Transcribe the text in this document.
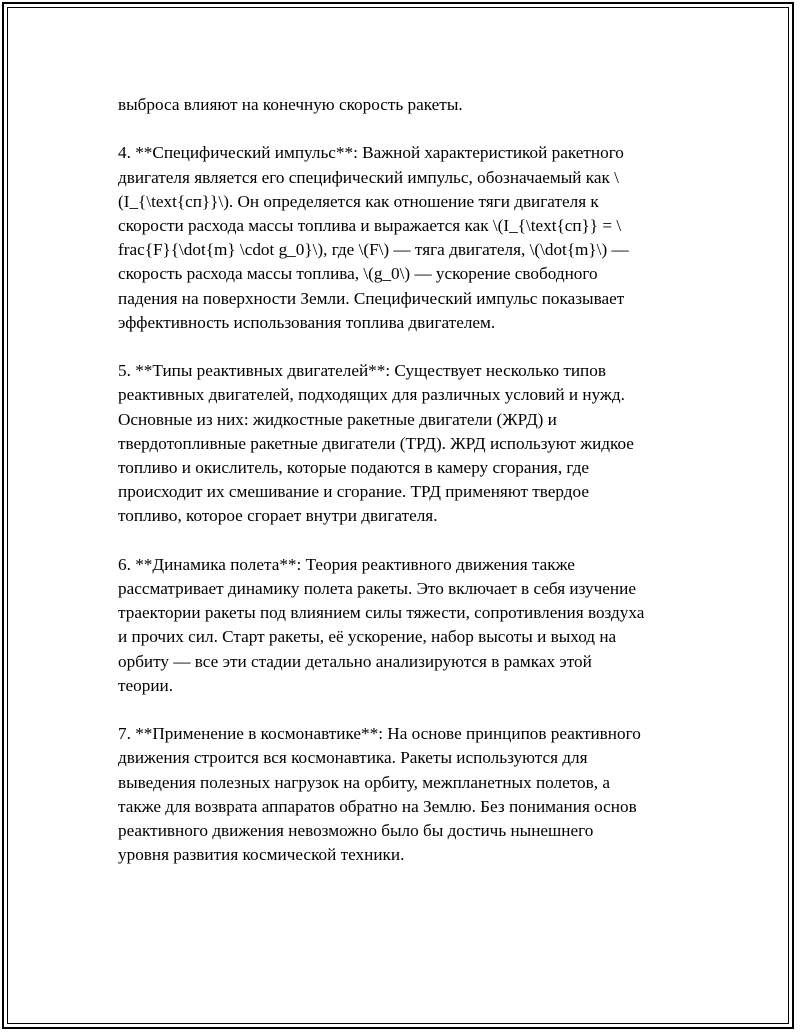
выброса влияют на конечную скорость ракеты.

4. **Специфический импульс**: Важной характеристикой ракетного
двигателя является его специфический импульс, обозначаемый как \
(I_{\text{сп}}\). Он определяется как отношение тяги двигателя к
скорости расхода массы топлива и выражается как \(I_{\text{сп}} = \
frac{F}{\dot{m} \cdot g_0}\), где \(F\) — тяга двигателя, \(\dot{m}\) —
скорость расхода массы топлива, \(g_0\) — ускорение свободного
падения на поверхности Земли. Специфический импульс показывает
эффективность использования топлива двигателем.

5. **Типы реактивных двигателей**: Существует несколько типов
реактивных двигателей, подходящих для различных условий и нужд.
Основные из них: жидкостные ракетные двигатели (ЖРД) и
твердотопливные ракетные двигатели (ТРД). ЖРД используют жидкое
топливо и окислитель, которые подаются в камеру сгорания, где
происходит их смешивание и сгорание. ТРД применяют твердое
топливо, которое сгорает внутри двигателя.

6. **Динамика полета**: Теория реактивного движения также
рассматривает динамику полета ракеты. Это включает в себя изучение
траектории ракеты под влиянием силы тяжести, сопротивления воздуха
и прочих сил. Старт ракеты, её ускорение, набор высоты и выход на
орбиту — все эти стадии детально анализируются в рамках этой
теории.

7. **Применение в космонавтике**: На основе принципов реактивного
движения строится вся космонавтика. Ракеты используются для
выведения полезных нагрузок на орбиту, межпланетных полетов, а
также для возврата аппаратов обратно на Землю. Без понимания основ
реактивного движения невозможно было бы достичь нынешнего
уровня развития космической техники.
